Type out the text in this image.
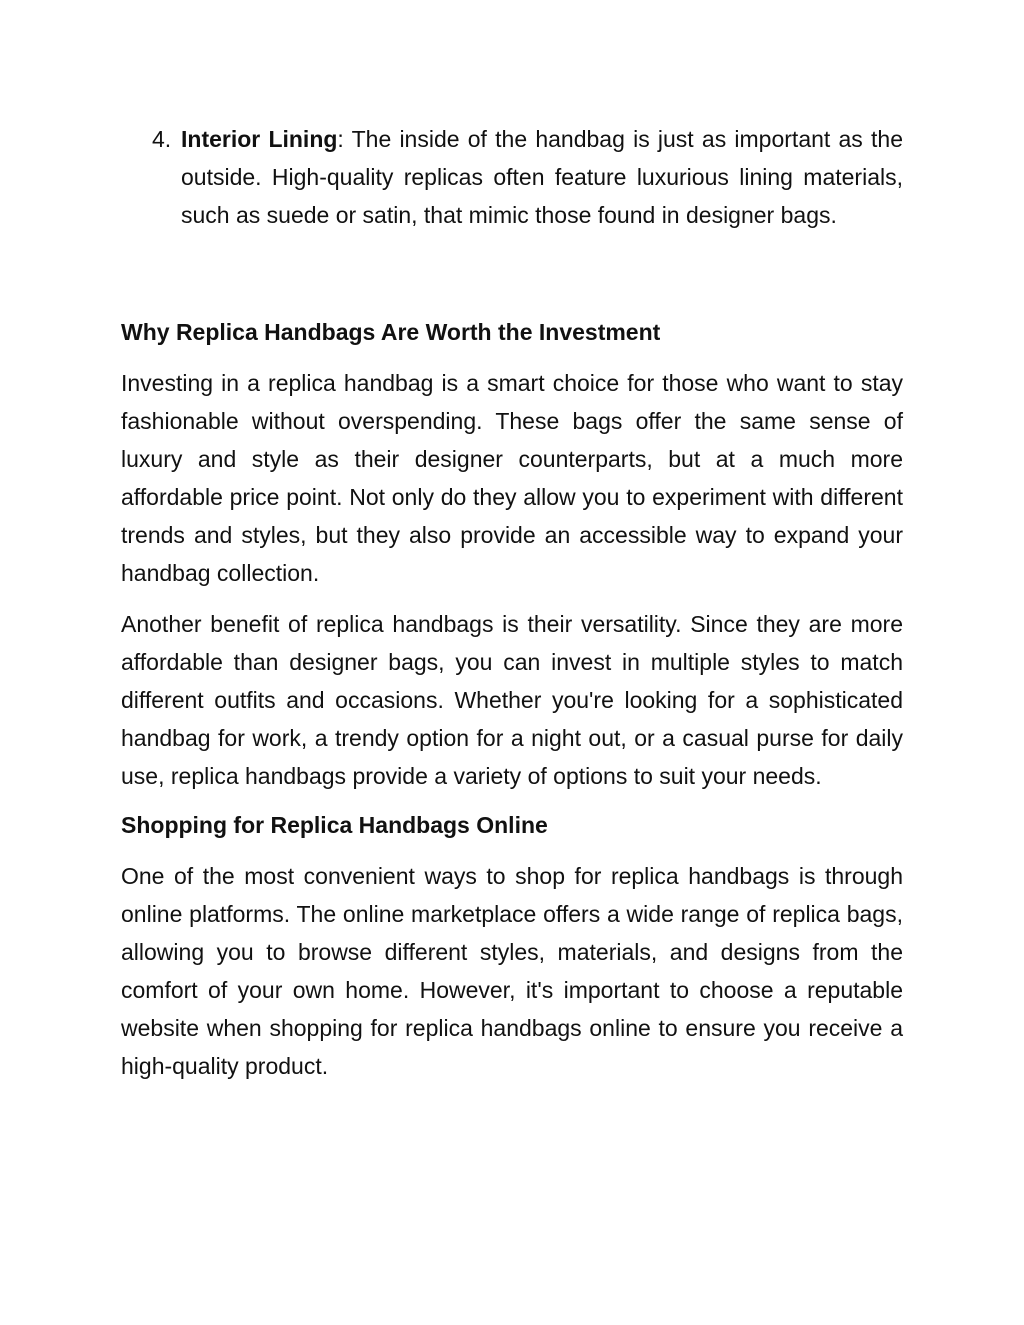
4. Interior Lining: The inside of the handbag is just as important as the outside. High-quality replicas often feature luxurious lining materials, such as suede or satin, that mimic those found in designer bags.
Why Replica Handbags Are Worth the Investment

Investing in a replica handbag is a smart choice for those who want to stay fashionable without overspending. These bags offer the same sense of luxury and style as their designer counterparts, but at a much more affordable price point. Not only do they allow you to experiment with different trends and styles, but they also provide an accessible way to expand your handbag collection.

Another benefit of replica handbags is their versatility. Since they are more affordable than designer bags, you can invest in multiple styles to match different outfits and occasions. Whether you're looking for a sophisticated handbag for work, a trendy option for a night out, or a casual purse for daily use, replica handbags provide a variety of options to suit your needs.

Shopping for Replica Handbags Online

One of the most convenient ways to shop for replica handbags is through online platforms. The online marketplace offers a wide range of replica bags, allowing you to browse different styles, materials, and designs from the comfort of your own home. However, it's important to choose a reputable website when shopping for replica handbags online to ensure you receive a high-quality product.
